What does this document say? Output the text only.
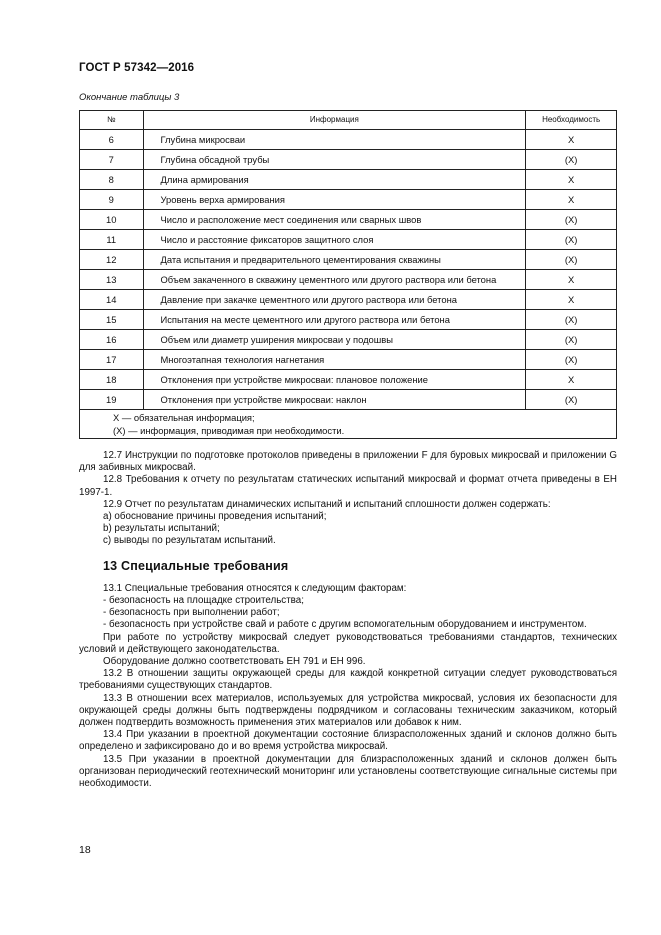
ГОСТ Р 57342—2016
Окончание таблицы 3
№	Информация	Необходимость
6	Глубина микросваи	X
7	Глубина обсадной трубы	(X)
8	Длина армирования	X
9	Уровень верха армирования	X
10	Число и расположение мест соединения или сварных швов	(X)
11	Число и расстояние фиксаторов защитного слоя	(X)
12	Дата испытания и предварительного цементирования скважины	(X)
13	Объем закаченного в скважину цементного или другого раствора или бетона	X
14	Давление при закачке цементного или другого раствора или бетона	X
15	Испытания на месте цементного или другого раствора или бетона	(X)
16	Объем или диаметр уширения микросваи у подошвы	(X)
17	Многоэтапная технология нагнетания	(X)
18	Отклонения при устройстве микросваи: плановое положение	X
19	Отклонения при устройстве микросваи: наклон	(X)

X — обязательная информация;
(X) — информация, приводимая при необходимости.		

12.7 Инструкции по подготовке протоколов приведены в приложении F для буровых микросвай и приложении G для забивных микросвай.

12.8 Требования к отчету по результатам статических испытаний микросвай и формат отчета приведены в ЕН 1997-1.

12.9 Отчет по результатам динамических испытаний и испытаний сплошности должен содержать:

a) обоснование причины проведения испытаний;

b) результаты испытаний;

c) выводы по результатам испытаний.

13 Специальные требования

13.1 Специальные требования относятся к следующим факторам:

- безопасность на площадке строительства;

- безопасность при выполнении работ;

- безопасность при устройстве свай и работе с другим вспомогательным оборудованием и инструментом.

При работе по устройству микросвай следует руководствоваться требованиями стандартов, технических условий и действующего законодательства.

Оборудование должно соответствовать ЕН 791 и ЕН 996.

13.2 В отношении защиты окружающей среды для каждой конкретной ситуации следует руководствоваться требованиями существующих стандартов.

13.3 В отношении всех материалов, используемых для устройства микросвай, условия их безопасности для окружающей среды должны быть подтверждены подрядчиком и согласованы техническим заказчиком, который должен подтвердить возможность применения этих материалов или добавок к ним.

13.4 При указании в проектной документации состояние близрасположенных зданий и склонов должно быть определено и зафиксировано до и во время устройства микросвай.

13.5 При указании в проектной документации для близрасположенных зданий и склонов должен быть организован периодический геотехнический мониторинг или установлены соответствующие сигнальные системы при необходимости.

18
